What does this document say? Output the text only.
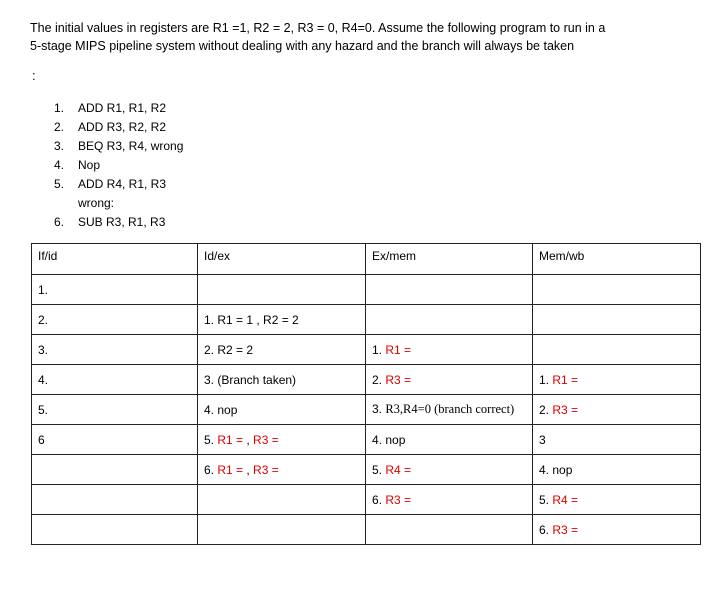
The initial values in registers are R1 =1, R2 = 2, R3 = 0, R4=0. Assume the following program to run in a
5-stage MIPS pipeline system without dealing with any hazard and the branch will always be taken
:
1. ADD R1, R1, R2
2. ADD R3, R2, R2
3. BEQ R3, R4, wrong
4. Nop
5. ADD R4, R1, R3
wrong:
6. SUB R3, R1, R3
If/id	Id/ex	Ex/mem	Mem/wb
1.			
2.	1. R1 = 1 , R2 = 2		
3.	2. R2 = 2	1. R1 =	
4.	3. (Branch taken)	2. R3 =	1. R1 =
5.	4. nop	3. R3,R4=0 (branch correct)	2. R3 =
6	5. R1 = , R3 =	4. nop	3
	6. R1 = , R3 =	5. R4 =	4. nop
		6. R3 =	5. R4 =
			6. R3 =
